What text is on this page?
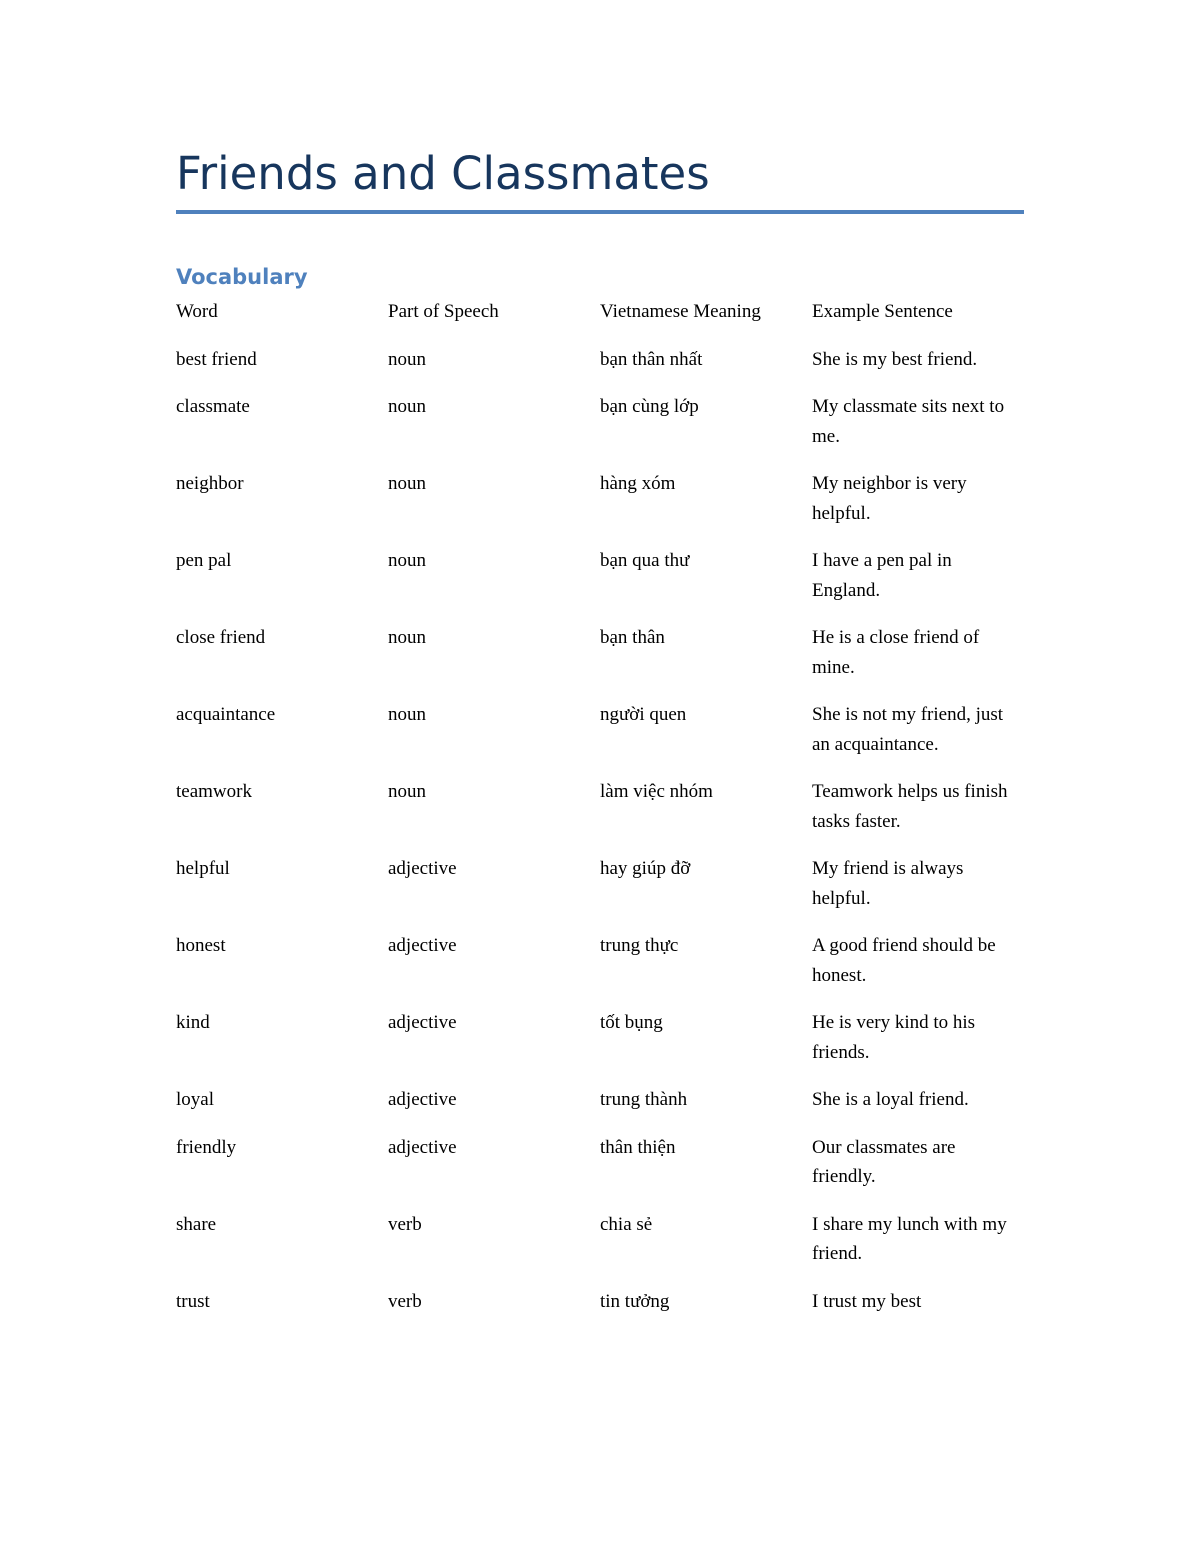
Friends and Classmates
Vocabulary
Word	Part of Speech	Vietnamese Meaning	Example Sentence
best friend	noun	bạn thân nhất	She is my best friend.
classmate	noun	bạn cùng lớp	My classmate sits next to me.
neighbor	noun	hàng xóm	My neighbor is very helpful.
pen pal	noun	bạn qua thư	I have a pen pal in England.
close friend	noun	bạn thân	He is a close friend of mine.
acquaintance	noun	người quen	She is not my friend, just an acquaintance.
teamwork	noun	làm việc nhóm	Teamwork helps us finish tasks faster.
helpful	adjective	hay giúp đỡ	My friend is always helpful.
honest	adjective	trung thực	A good friend should be honest.
kind	adjective	tốt bụng	He is very kind to his friends.
loyal	adjective	trung thành	She is a loyal friend.
friendly	adjective	thân thiện	Our classmates are friendly.
share	verb	chia sẻ	I share my lunch with my friend.
trust	verb	tin tưởng	I trust my best
